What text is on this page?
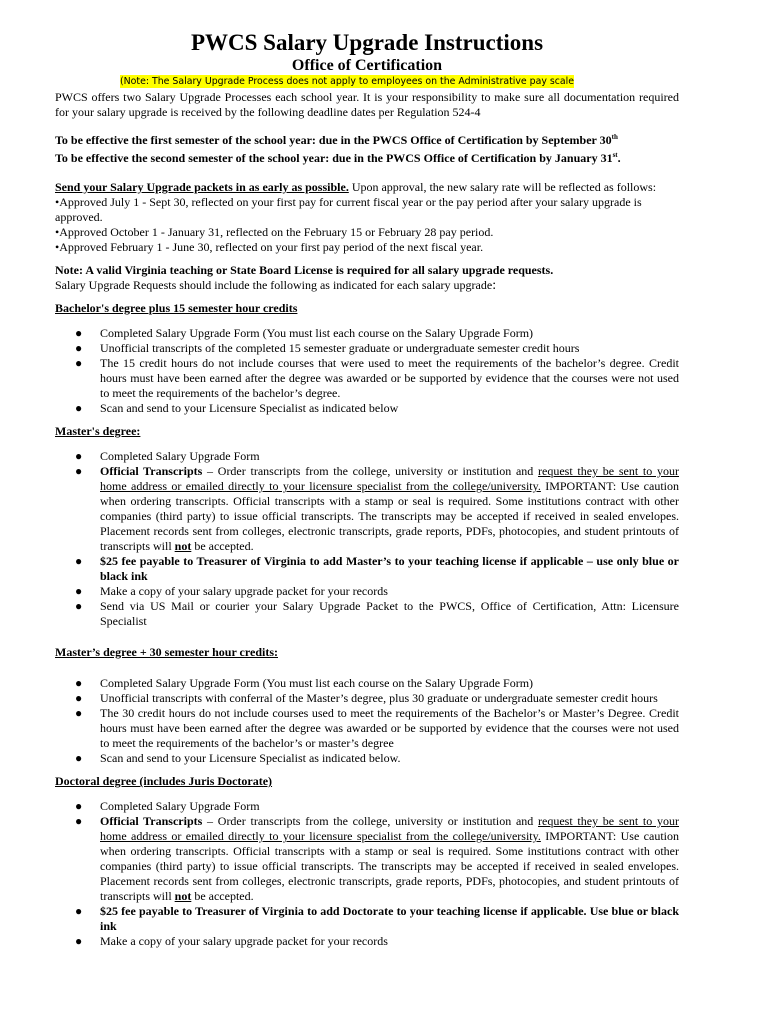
PWCS Salary Upgrade Instructions
Office of Certification
(Note: The Salary Upgrade Process does not apply to employees on the Administrative pay scale

PWCS offers two Salary Upgrade Processes each school year. It is your responsibility to make sure all documentation required for your salary upgrade is received by the following deadline dates per Regulation 524-4

To be effective the first semester of the school year: due in the PWCS Office of Certification by September 30th

To be effective the second semester of the school year: due in the PWCS Office of Certification by January 31st.

Send your Salary Upgrade packets in as early as possible. Upon approval, the new salary rate will be reflected as follows:

•Approved July 1 - Sept 30, reflected on your first pay for current fiscal year or the pay period after your salary upgrade is approved.

•Approved October 1 - January 31, reflected on the February 15 or February 28 pay period.

•Approved February 1 - June 30, reflected on your first pay period of the next fiscal year.

Note: A valid Virginia teaching or State Board License is required for all salary upgrade requests.

Salary Upgrade Requests should include the following as indicated for each salary upgrade:

Bachelor's degree plus 15 semester hour credits

● Completed Salary Upgrade Form (You must list each course on the Salary Upgrade Form)
● Unofficial transcripts of the completed 15 semester graduate or undergraduate semester credit hours
● The 15 credit hours do not include courses that were used to meet the requirements of the bachelor’s degree. Credit hours must have been earned after the degree was awarded or be supported by evidence that the courses were not used to meet the requirements of the bachelor’s degree.
● Scan and send to your Licensure Specialist as indicated below

Master's degree:

● Completed Salary Upgrade Form
● Official Transcripts – Order transcripts from the college, university or institution and request they be sent to your home address or emailed directly to your licensure specialist from the college/university. IMPORTANT: Use caution when ordering transcripts. Official transcripts with a stamp or seal is required. Some institutions contract with other companies (third party) to issue official transcripts. The transcripts may be accepted if received in sealed envelopes. Placement records sent from colleges, electronic transcripts, grade reports, PDFs, photocopies, and student printouts of transcripts will not be accepted.
● $25 fee payable to Treasurer of Virginia to add Master’s to your teaching license if applicable – use only blue or black ink
● Make a copy of your salary upgrade packet for your records
● Send via US Mail or courier your Salary Upgrade Packet to the PWCS, Office of Certification, Attn: Licensure Specialist

Master’s degree + 30 semester hour credits:

● Completed Salary Upgrade Form (You must list each course on the Salary Upgrade Form)
● Unofficial transcripts with conferral of the Master’s degree, plus 30 graduate or undergraduate semester credit hours
● The 30 credit hours do not include courses used to meet the requirements of the Bachelor’s or Master’s Degree. Credit hours must have been earned after the degree was awarded or be supported by evidence that the courses were not used to meet the requirements of the bachelor’s or master’s degree
● Scan and send to your Licensure Specialist as indicated below.

Doctoral degree (includes Juris Doctorate)

● Completed Salary Upgrade Form
● Official Transcripts – Order transcripts from the college, university or institution and request they be sent to your home address or emailed directly to your licensure specialist from the college/university. IMPORTANT: Use caution when ordering transcripts. Official transcripts with a stamp or seal is required. Some institutions contract with other companies (third party) to issue official transcripts. The transcripts may be accepted if received in sealed envelopes. Placement records sent from colleges, electronic transcripts, grade reports, PDFs, photocopies, and student printouts of transcripts will not be accepted.
● $25 fee payable to Treasurer of Virginia to add Doctorate to your teaching license if applicable. Use blue or black ink
● Make a copy of your salary upgrade packet for your records
